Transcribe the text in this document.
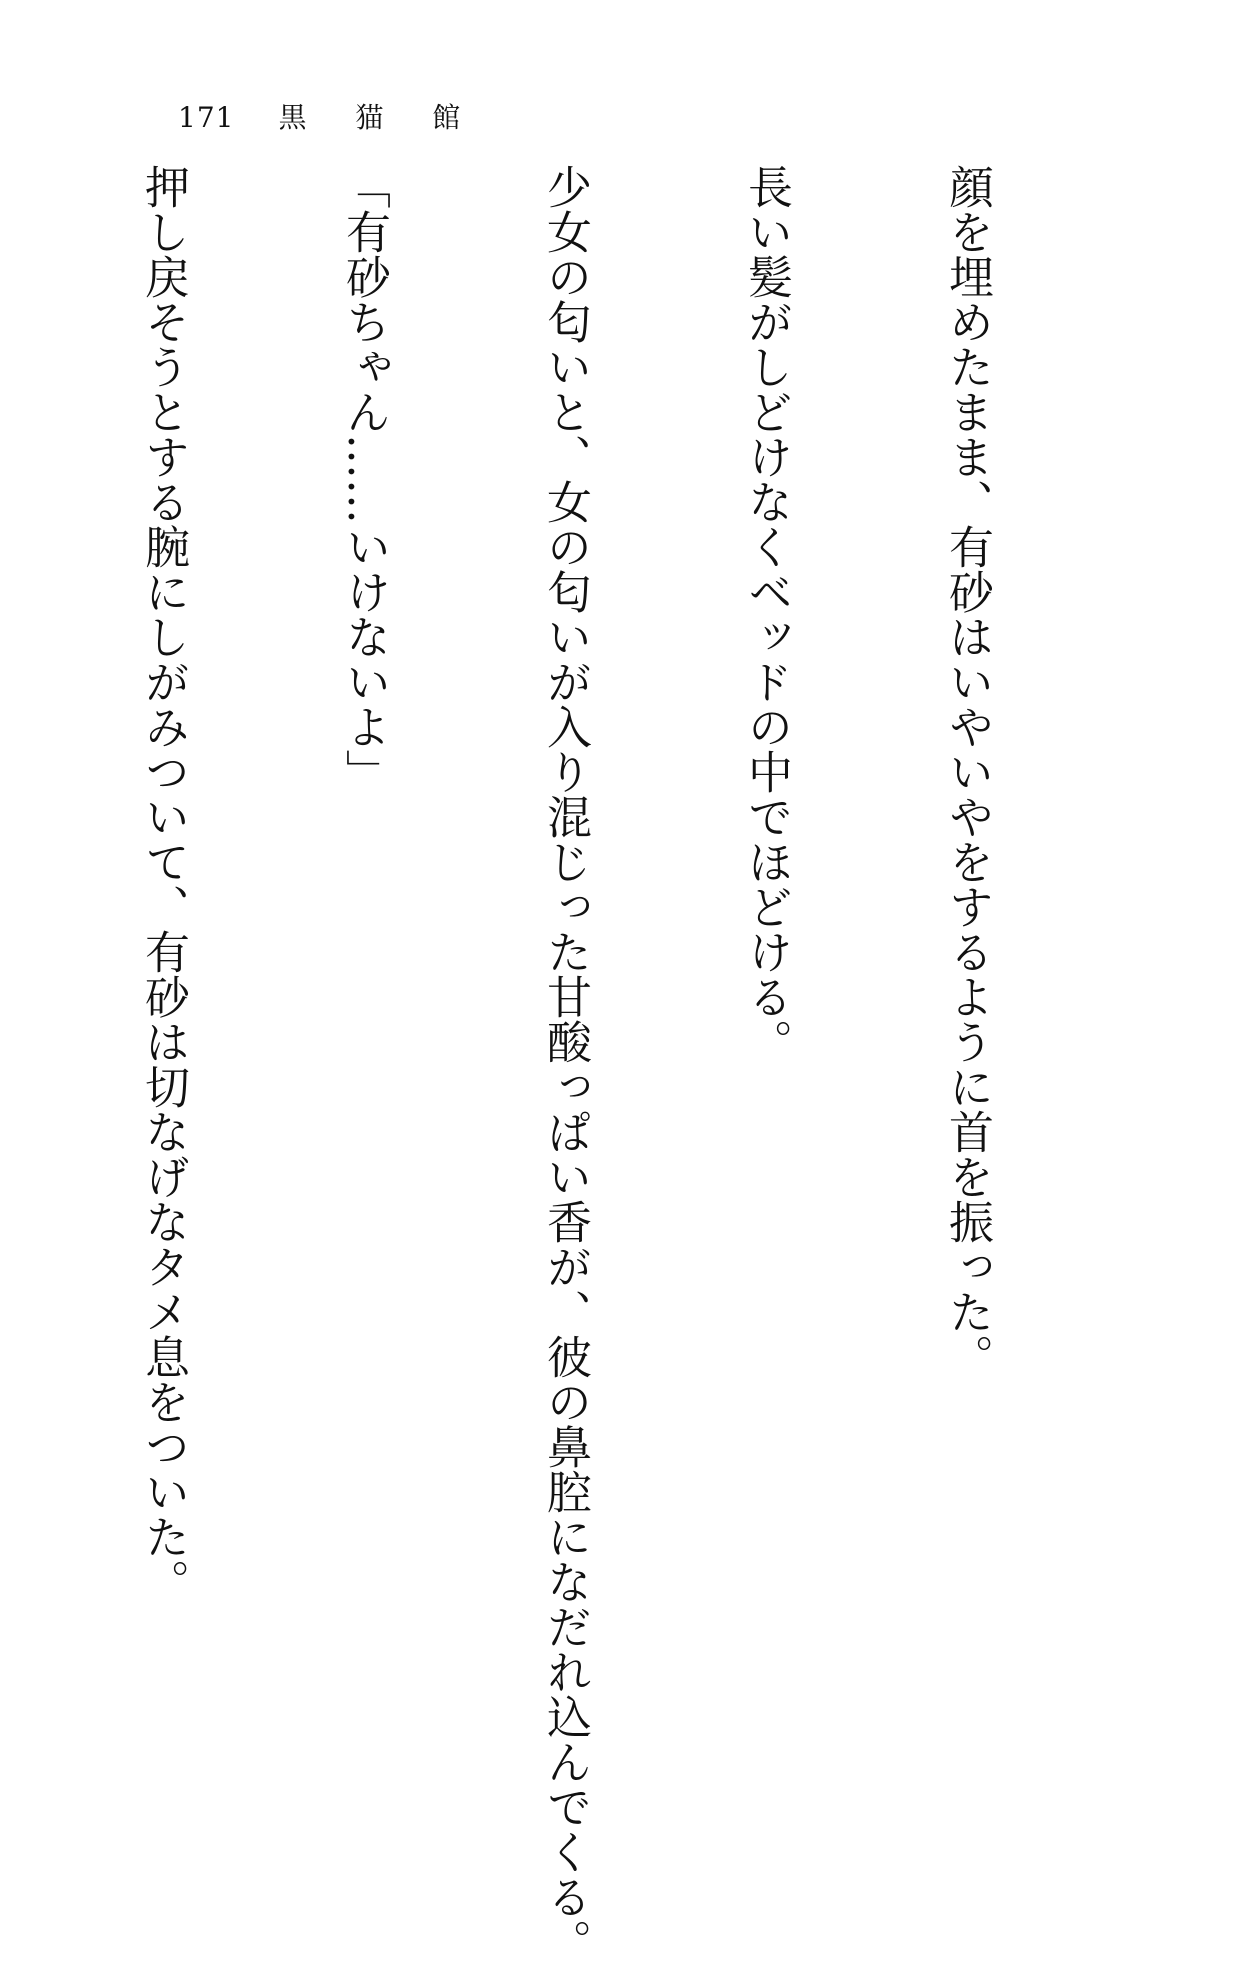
171 黒 猫 館

顔を埋めたまま、有砂はいやいやをするように首を振った。

長い髪がしどけなくベッドの中でほどける。

少女の匂いと、女の匂いが入り混じった甘酸っぱい香が、彼の鼻腔になだれ込んでくる。

「有砂ちゃん……いけないよ」

押し戻そうとする腕にしがみついて、有砂は切なげなタメ息をついた。
